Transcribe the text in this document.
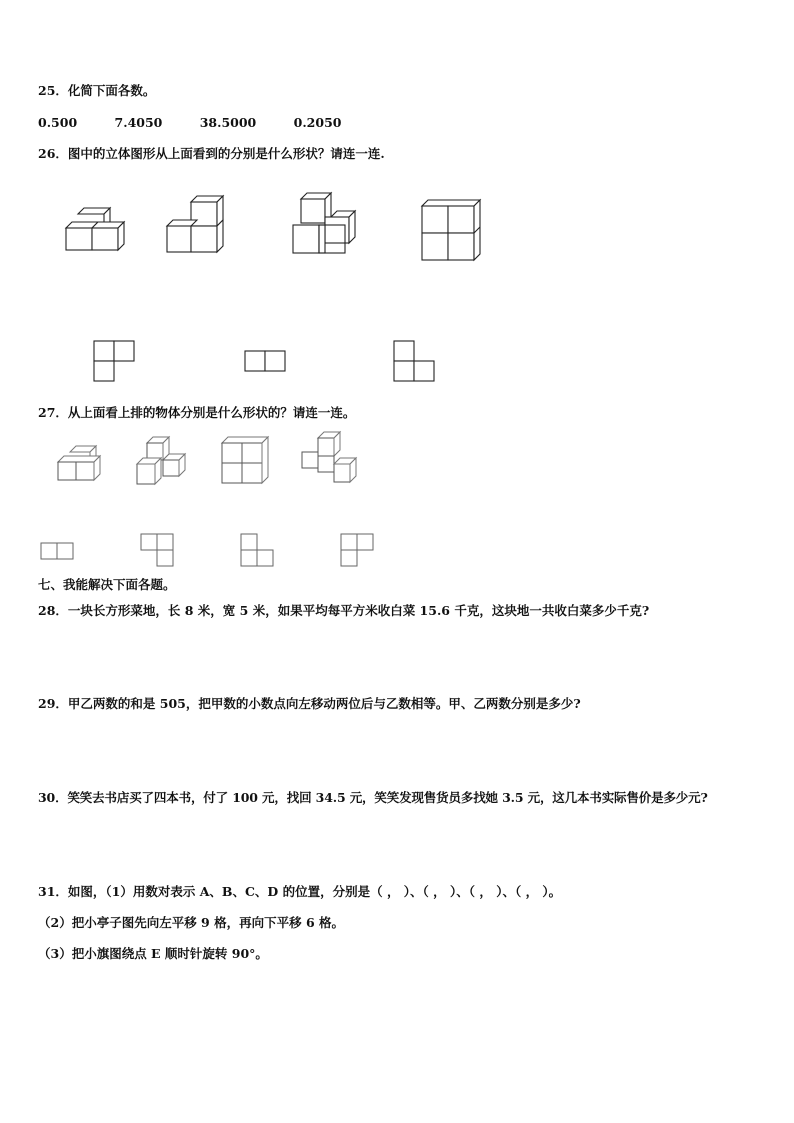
25．化简下面各数。
0.500	7.4050	38.5000	0.2050
26．图中的立体图形从上面看到的分别是什么形状？请连一连.
27．从上面看上排的物体分别是什么形状的？请连一连。
七、我能解决下面各题。
28．一块长方形菜地，长 8 米，宽 5 米，如果平均每平方米收白菜 15.6 千克，这块地一共收白菜多少千克?
29．甲乙两数的和是 505，把甲数的小数点向左移动两位后与乙数相等。甲、乙两数分别是多少?
30．笑笑去书店买了四本书，付了 100 元，找回 34.5 元，笑笑发现售货员多找她 3.5 元，这几本书实际售价是多少元?
31．如图，（1）用数对表示 A、B、C、D 的位置，分别是（ ， ）、（ ， ）、（ ， ）、（ ， ）。
（2）把小亭子图先向左平移 9 格，再向下平移 6 格。
（3）把小旗图绕点 E 顺时针旋转 90°。
